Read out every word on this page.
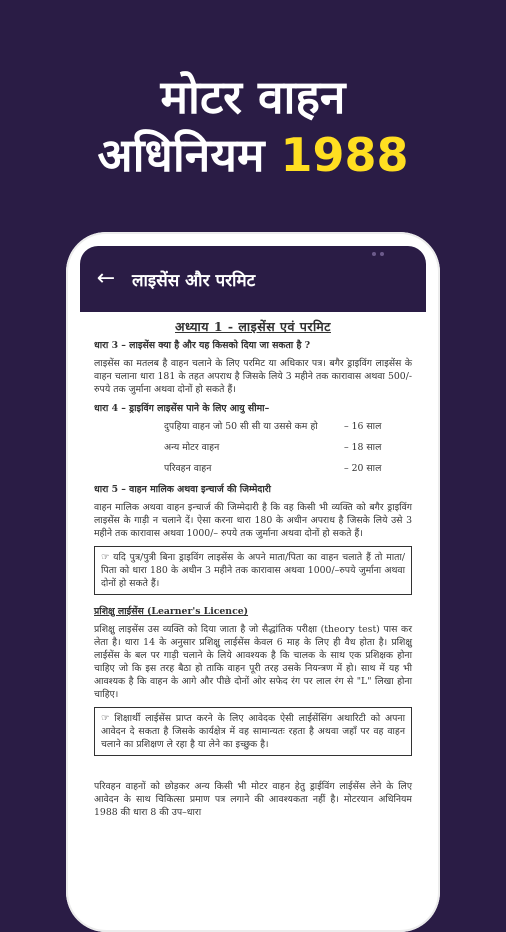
मोटर वाहन
अधिनियम 1988
← लाइसेंस और परमिट
अध्याय 1 - लाइसेंस एवं परमिट
धारा 3 – लाइसेंस क्या है और यह किसको दिया जा सकता है ?

लाइसेंस का मतलब है वाहन चलाने के लिए परमिट या अधिकार पत्र। बगैर ड्राइविंग लाइसेंस के वाहन चलाना धारा 181 के तहत अपराध है जिसके लिये 3 महीने तक कारावास अथवा 500/-रुपये तक जुर्माना अथवा दोनों हो सकते हैं।

धारा 4 – ड्राइविंग लाइसेंस पाने के लिए आयु सीमा–
दुपहिया वाहन जो 50 सी सी या उससे कम हो	– 16 साल
अन्य मोटर वाहन	– 18 साल
परिवहन वाहन	– 20 साल
धारा 5 – वाहन मालिक अथवा इन्चार्ज की जिम्मेदारी

वाहन मालिक अथवा वाहन इन्चार्ज की जिम्मेदारी है कि वह किसी भी व्यक्ति को बगैर ड्राइविंग लाइसेंस के गाड़ी न चलाने दें। ऐसा करना धारा 180 के अधीन अपराध है जिसके लिये उसे 3 महीने तक कारावास अथवा 1000/– रुपये तक जुर्माना अथवा दोनों हो सकते हैं।

☞ यदि पुत्र/पुत्री बिना ड्राइविंग लाइसेंस के अपने माता/पिता का वाहन चलाते हैं तो माता/पिता को धारा 180 के अधीन 3 महीने तक कारावास अथवा 1000/–रुपये जुर्माना अथवा दोनों हो सकते हैं।
प्रशिक्षु लाईसेंस (Learner's Licence)

प्रशिक्षु लाइसेंस उस व्यक्ति को दिया जाता है जो सैद्धांतिक परीक्षा (theory test) पास कर लेता है। धारा 14 के अनुसार प्रशिक्षु लाईसेंस केवल 6 माह के लिए ही वैध होता है। प्रशिक्षु लाईसेंस के बल पर गाड़ी चलाने के लिये आवश्यक है कि चालक के साथ एक प्रशिक्षक होना चाहिए जो कि इस तरह बैठा हो ताकि वाहन पूरी तरह उसके नियन्त्रण में हो। साथ में यह भी आवश्यक है कि वाहन के आगे और पीछे दोनों ओर सफेद रंग पर लाल रंग से "L" लिखा होना चाहिए।

☞ शिक्षार्थी लाईसेंस प्राप्त करने के लिए आवेदक ऐसी लाईसेंसिंग अथारिटी को अपना आवेदन दे सकता है जिसके कार्यक्षेत्र में वह सामान्यतः रहता है अथवा जहाँ पर वह वाहन चलाने का प्रशिक्षण ले रहा है या लेने का इच्छुक है।

परिवहन वाहनों को छोड़कर अन्य किसी भी मोटर वाहन हेतु ड्राईविंग लाईसेंस लेने के लिए आवेदन के साथ चिकित्सा प्रमाण पत्र लगाने की आवश्यकता नहीं है। मोटरयान अधिनियम 1988 की धारा 8 की उप–धारा
